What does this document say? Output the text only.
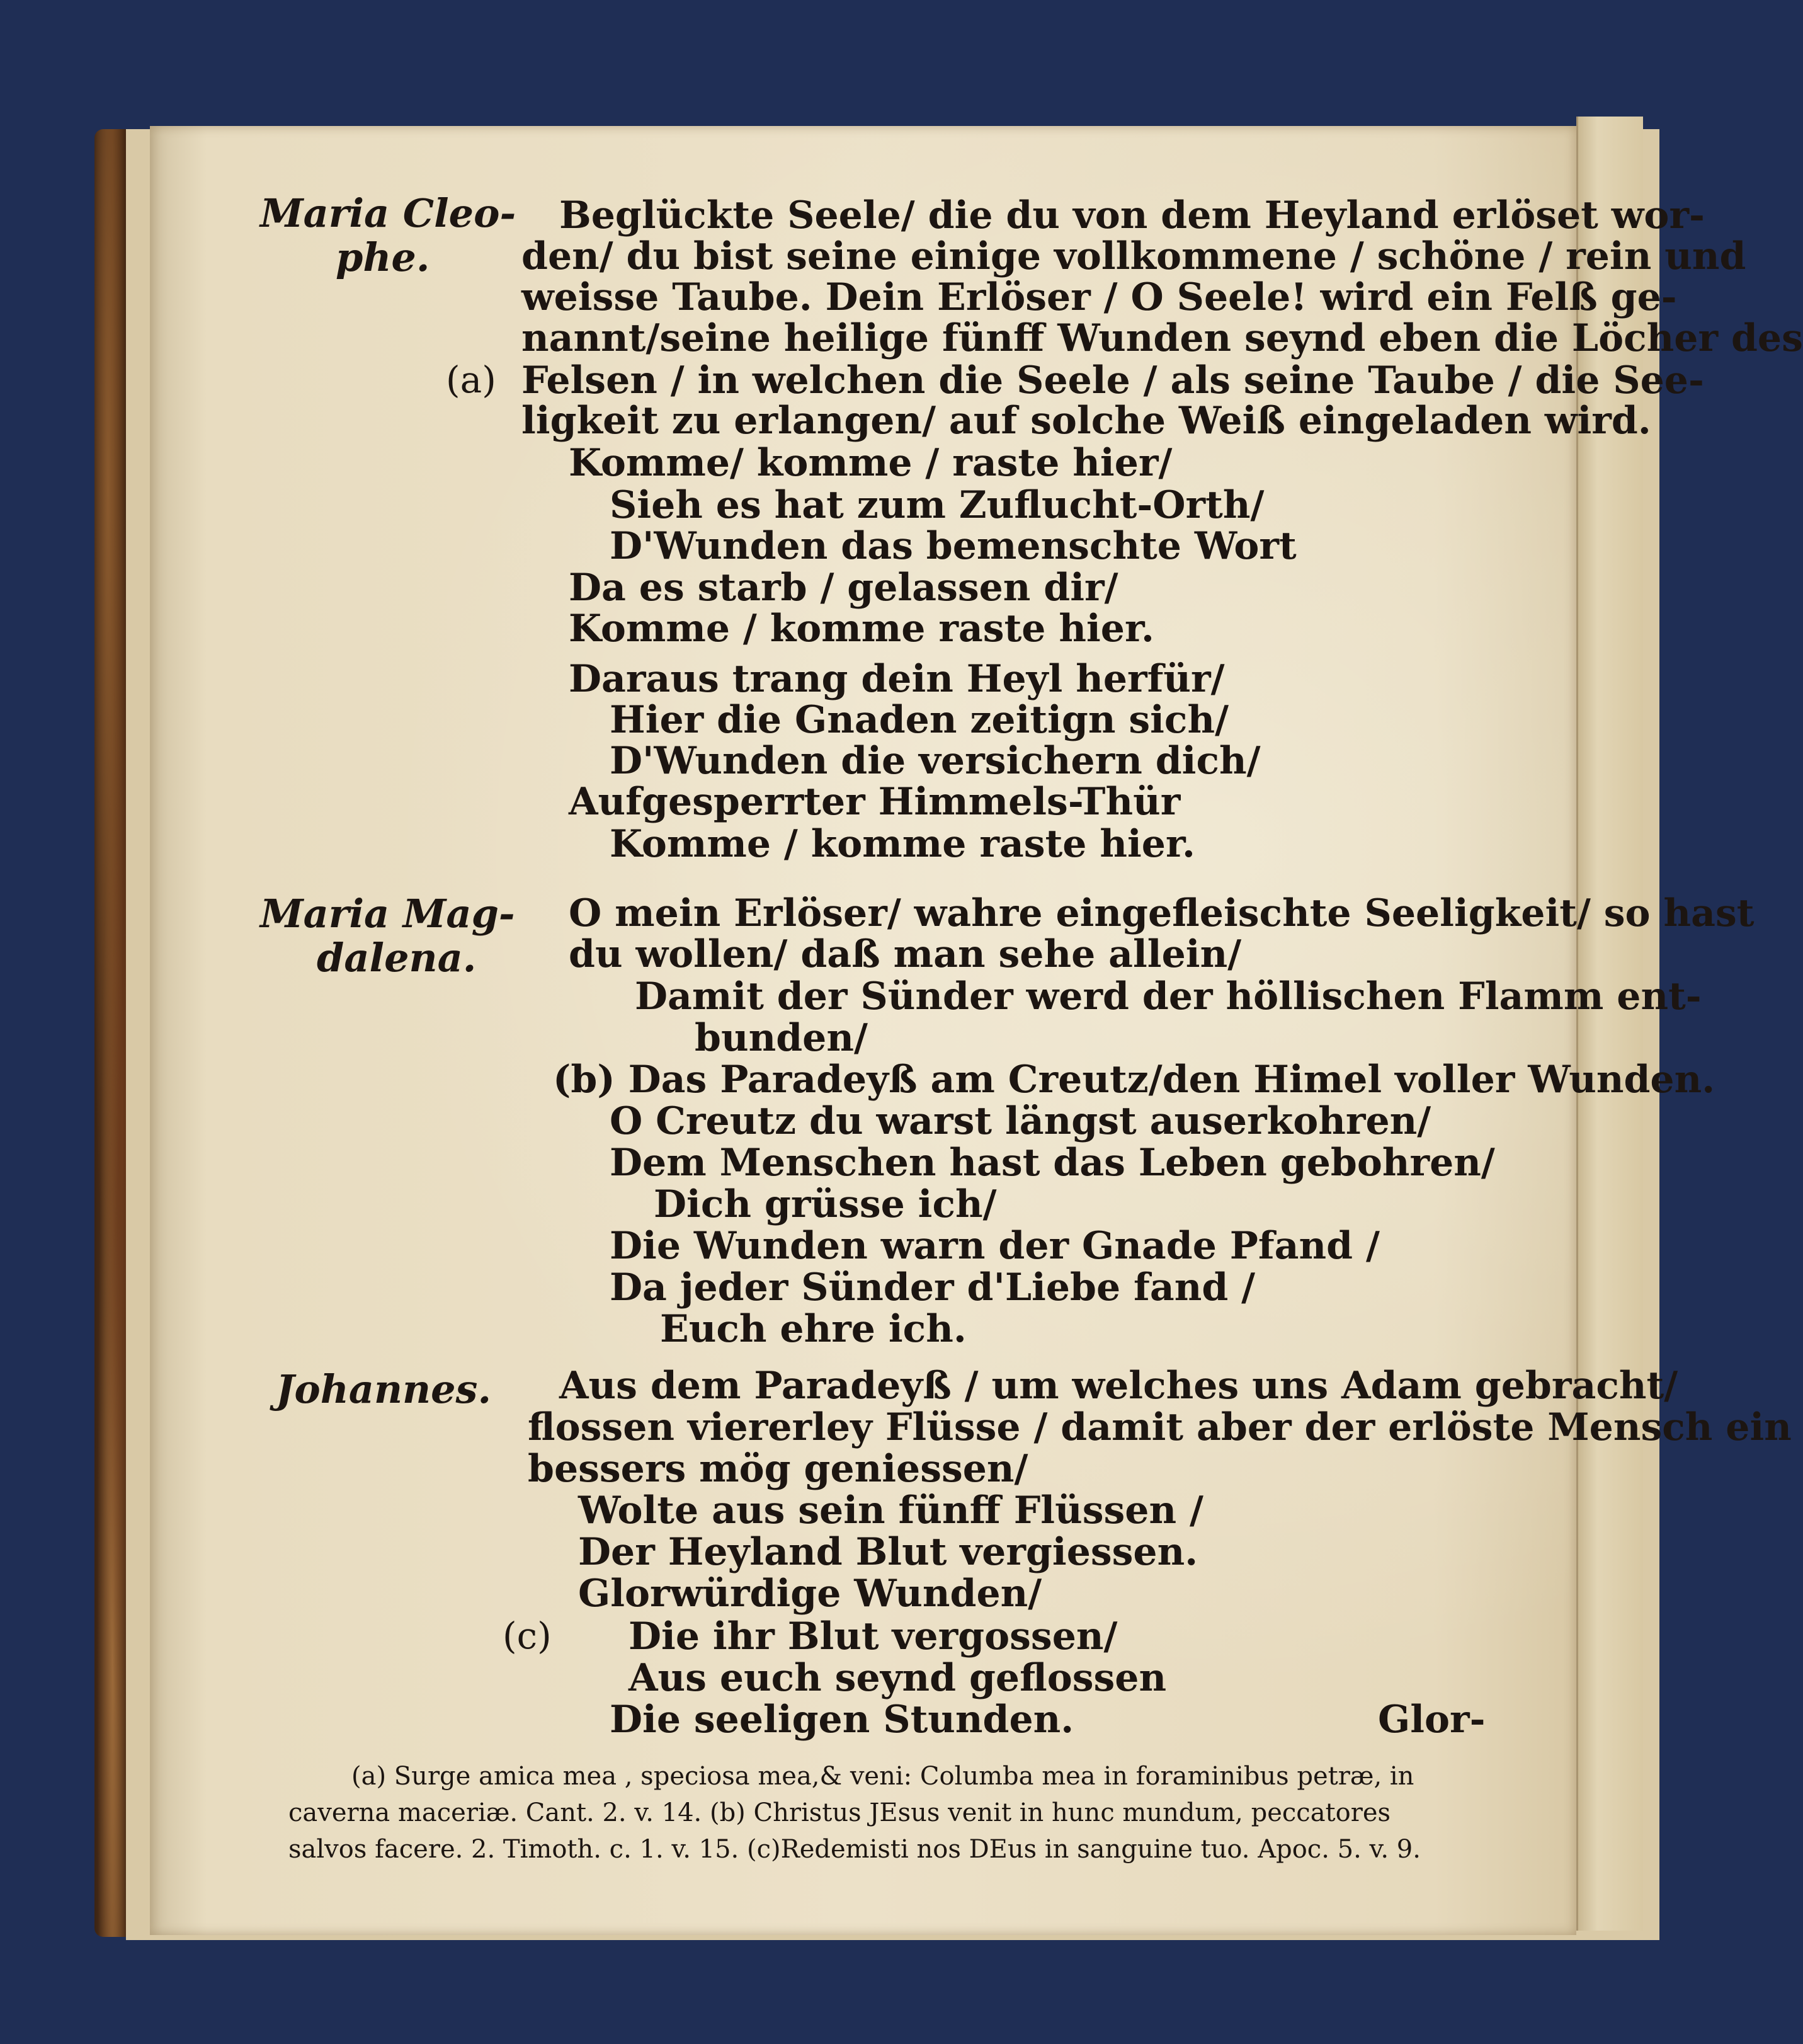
Maria Cleo-

phe.

Beglückte Seele/ die du von dem Heyland erlöset wor-

den/ du bist seine einige vollkommene / schöne / rein und

weisse Taube. Dein Erlöser / O Seele! wird ein Felß ge-

nannt/seine heilige fünff Wunden seynd eben die Löcher des

(a) Felsen / in welchen die Seele / als seine Taube / die See-

ligkeit zu erlangen/ auf solche Weiß eingeladen wird.

Komme/ komme / raste hier/

Sieh es hat zum Zuflucht-Orth/

D'Wunden das bemenschte Wort

Da es starb / gelassen dir/

Komme / komme raste hier.

Daraus trang dein Heyl herfür/

Hier die Gnaden zeitign sich/

D'Wunden die versichern dich/

Aufgesperrter Himmels-Thür

Komme / komme raste hier.

Maria Mag-

dalena.

O mein Erlöser/ wahre eingefleischte Seeligkeit/ so hast

du wollen/ daß man sehe allein/

Damit der Sünder werd der höllischen Flamm ent-

bunden/

(b) Das Paradeyß am Creutz/den Himel voller Wunden.

O Creutz du warst längst auserkohren/

Dem Menschen hast das Leben gebohren/

Dich grüsse ich/

Die Wunden warn der Gnade Pfand /

Da jeder Sünder d'Liebe fand /

Euch ehre ich.

Johannes. Aus dem Paradeyß / um welches uns Adam gebracht/

flossen viererley Flüsse / damit aber der erlöste Mensch ein

bessers mög geniessen/

Wolte aus sein fünff Flüssen /

Der Heyland Blut vergiessen.

Glorwürdige Wunden/

(c) Die ihr Blut vergossen/

Aus euch seynd geflossen

Die seeligen Stunden.	Glor-

(a) Surge amica mea , speciosa mea,& veni: Columba mea in foraminibus petræ, in

caverna maceriæ. Cant. 2. v. 14. (b) Christus JEsus venit in hunc mundum, peccatores

salvos facere. 2. Timoth. c. 1. v. 15. (c)Redemisti nos DEus in sanguine tuo. Apoc. 5. v. 9.
